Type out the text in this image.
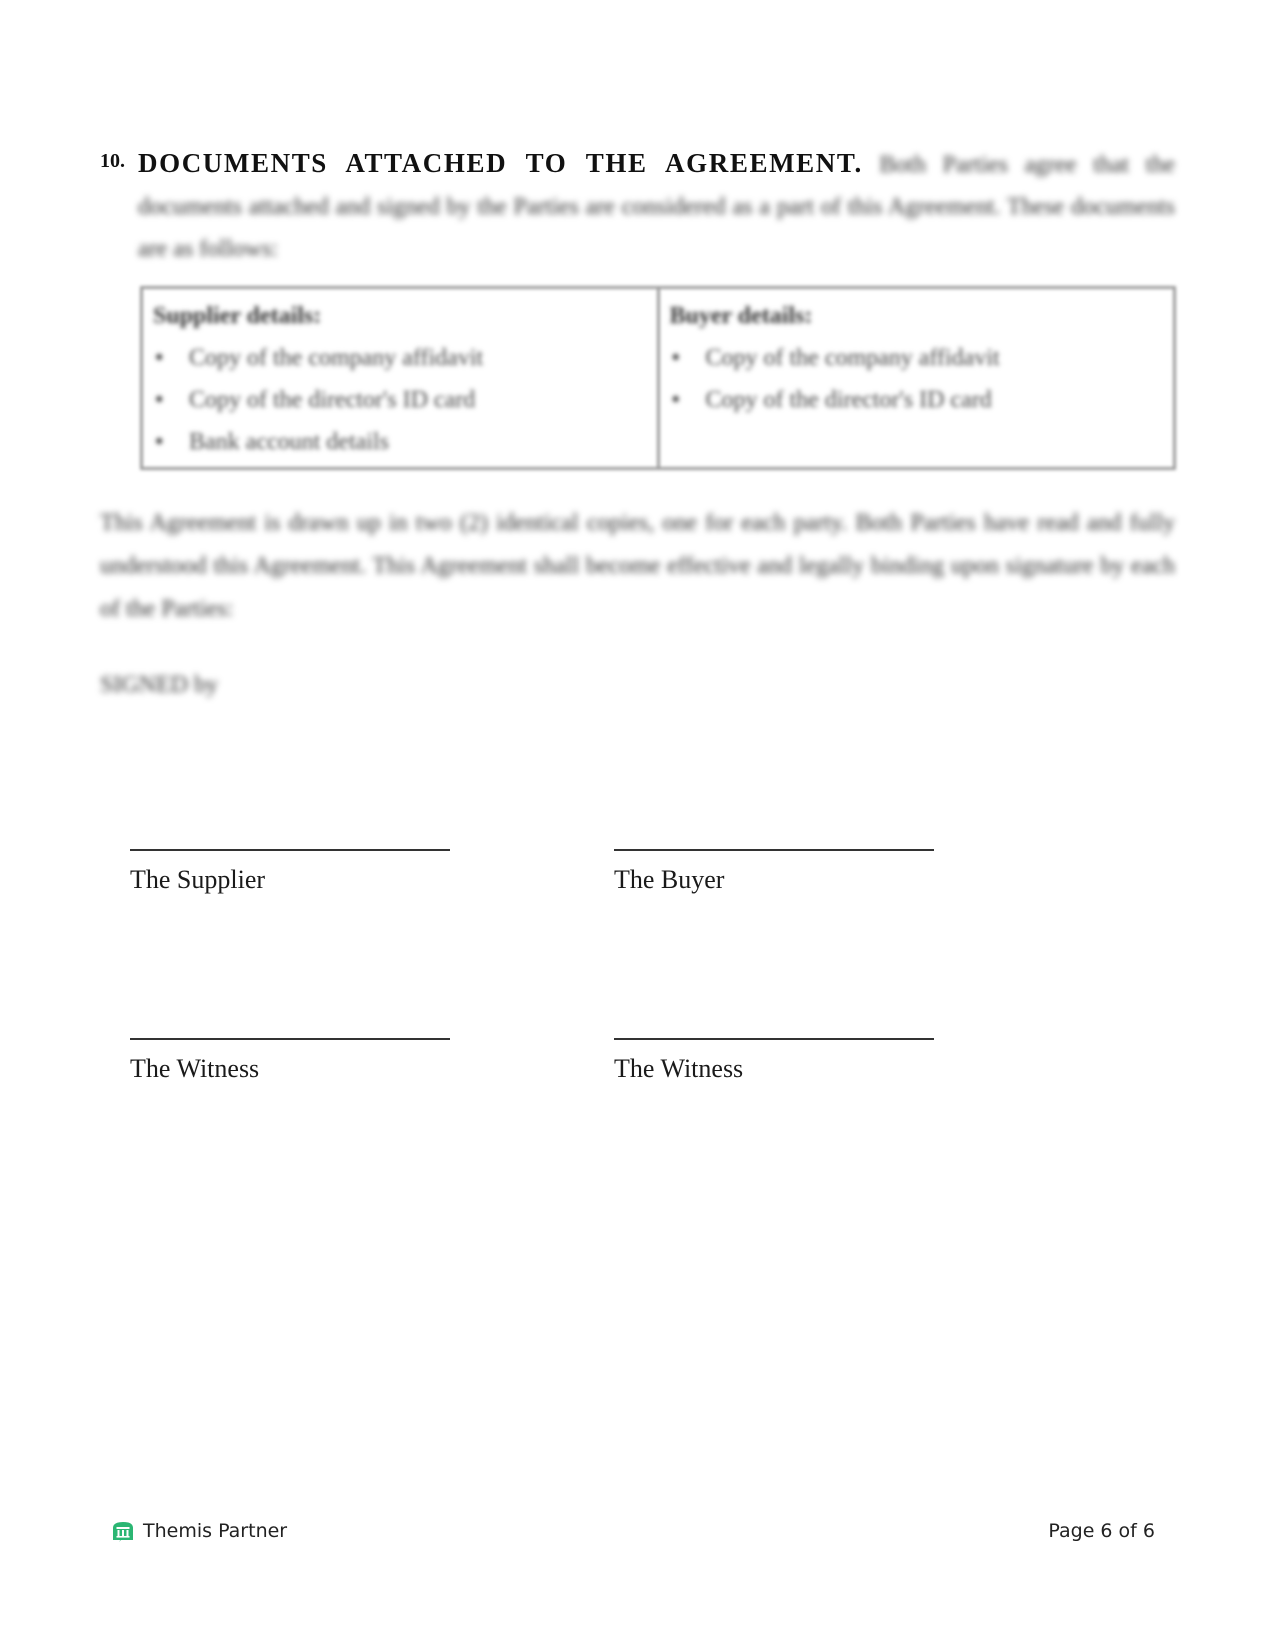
10. DOCUMENTS ATTACHED TO THE AGREEMENT. Both Parties agree that the documents attached and signed by the Parties are considered as a part of this Agreement. These documents are as follows:
Supplier details:
• Copy of the company affidavit
• Copy of the director's ID card
• Bank account details
Buyer details:
• Copy of the company affidavit
• Copy of the director's ID card
This Agreement is drawn up in two (2) identical copies, one for each party. Both Parties have read and fully understood this Agreement. This Agreement shall become effective and legally binding upon signature by each of the Parties:
SIGNED by
The Supplier	The Buyer
The Witness	The Witness
Themis Partner	Page 6 of 6
